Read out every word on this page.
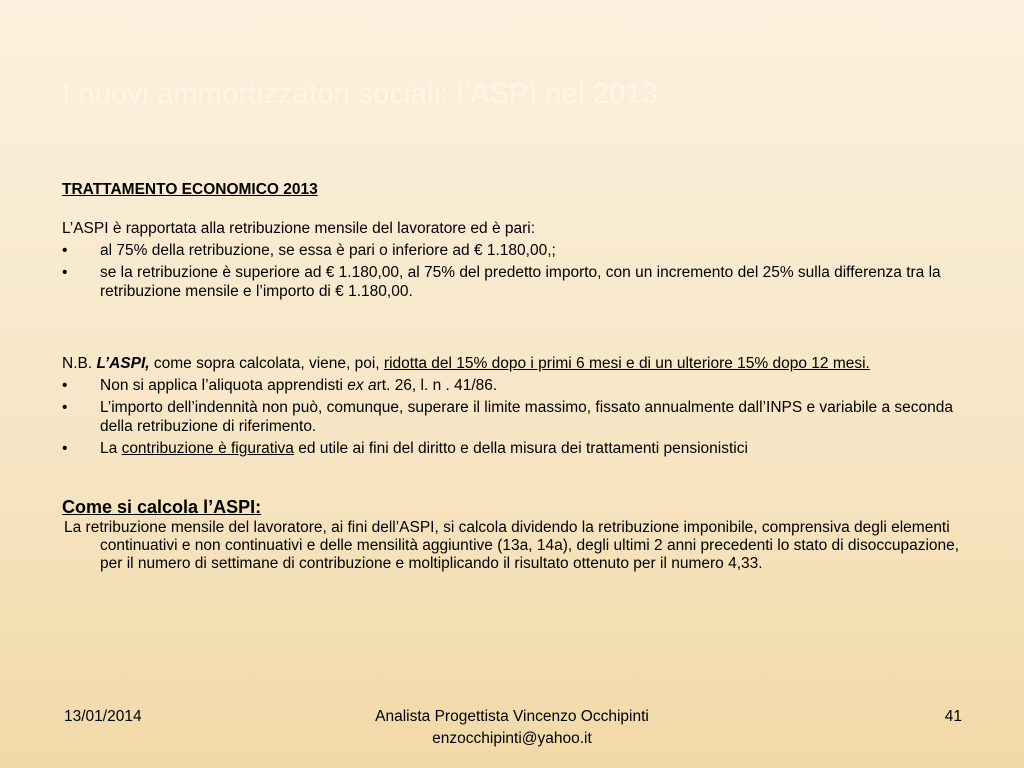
I nuovi ammortizzatori sociali: l’ASPI nel 2013
TRATTAMENTO ECONOMICO 2013

L’ASPI è rapportata alla retribuzione mensile del lavoratore ed è pari:

• al 75% della retribuzione, se essa è pari o inferiore ad € 1.180,00,;
• se la retribuzione è superiore ad € 1.180,00, al 75% del predetto importo, con un incremento del 25% sulla differenza tra la retribuzione mensile e l’importo di € 1.180,00.

N.B. L’ASPI, come sopra calcolata, viene, poi, ridotta del 15% dopo i primi 6 mesi e di un ulteriore 15% dopo 12 mesi.

• Non si applica l’aliquota apprendisti ex art. 26, l. n . 41/86.
• L’importo dell’indennità non può, comunque, superare il limite massimo, fissato annualmente dall’INPS e variabile a seconda della retribuzione di riferimento.
• La contribuzione è figurativa ed utile ai fini del diritto e della misura dei trattamenti pensionistici
Come si calcola l’ASPI:

La retribuzione mensile del lavoratore, ai fini dell’ASPI, si calcola dividendo la retribuzione imponibile, comprensiva degli elementi continuativi e non continuativi e delle mensilità aggiuntive (13a, 14a), degli ultimi 2 anni precedenti lo stato di disoccupazione, per il numero di settimane di contribuzione e moltiplicando il risultato ottenuto per il numero 4,33.

13/01/2014	Analista Progettista Vincenzo Occhipinti
enzocchipinti@yahoo.it
41
